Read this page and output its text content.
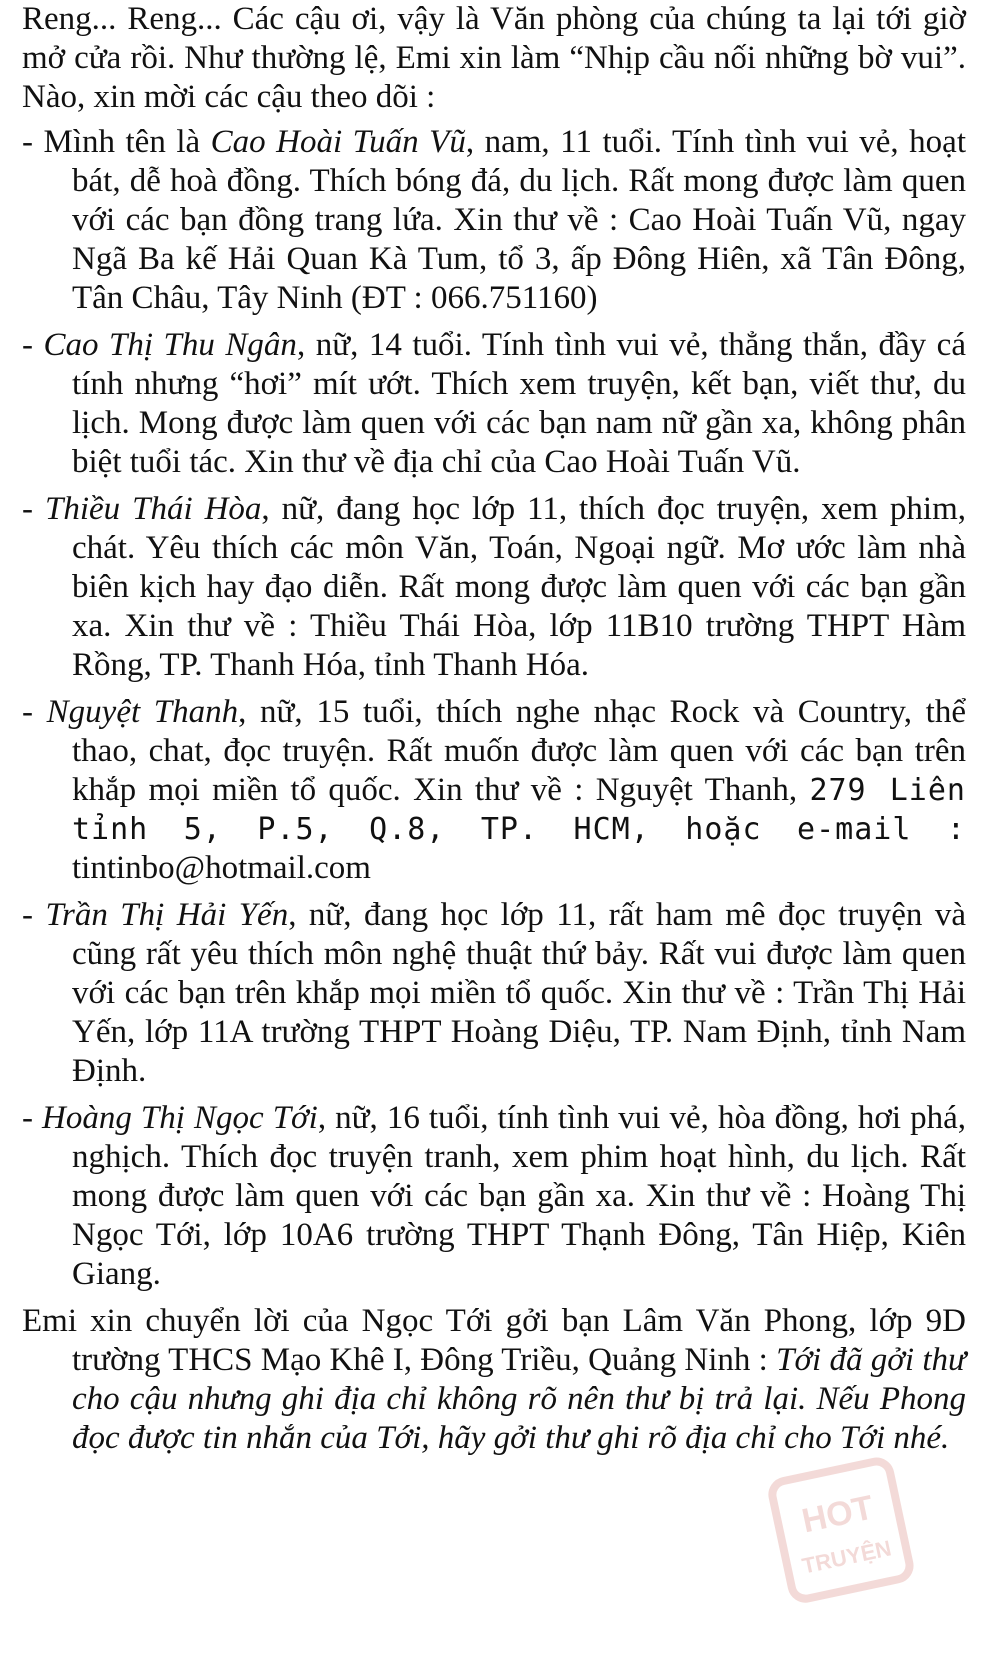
Reng... Reng... Các cậu ơi, vậy là Văn phòng của chúng ta lại tới giờ mở cửa rồi. Như thường lệ, Emi xin làm “Nhịp cầu nối những bờ vui”. Nào, xin mời các cậu theo dõi :

- Mình tên là Cao Hoài Tuấn Vũ, nam, 11 tuổi. Tính tình vui vẻ, hoạt bát, dễ hoà đồng. Thích bóng đá, du lịch. Rất mong được làm quen với các bạn đồng trang lứa. Xin thư về : Cao Hoài Tuấn Vũ, ngay Ngã Ba kế Hải Quan Kà Tum, tổ 3, ấp Đông Hiên, xã Tân Đông, Tân Châu, Tây Ninh (ĐT : 066.751160)

- Cao Thị Thu Ngân, nữ, 14 tuổi. Tính tình vui vẻ, thẳng thắn, đầy cá tính nhưng “hơi” mít ướt. Thích xem truyện, kết bạn, viết thư, du lịch. Mong được làm quen với các bạn nam nữ gần xa, không phân biệt tuổi tác. Xin thư về địa chỉ của Cao Hoài Tuấn Vũ.

- Thiều Thái Hòa, nữ, đang học lớp 11, thích đọc truyện, xem phim, chát. Yêu thích các môn Văn, Toán, Ngoại ngữ. Mơ ước làm nhà biên kịch hay đạo diễn. Rất mong được làm quen với các bạn gần xa. Xin thư về : Thiều Thái Hòa, lớp 11B10 trường THPT Hàm Rồng, TP. Thanh Hóa, tỉnh Thanh Hóa.

- Nguyệt Thanh, nữ, 15 tuổi, thích nghe nhạc Rock và Country, thể thao, chat, đọc truyện. Rất muốn được làm quen với các bạn trên khắp mọi miền tổ quốc. Xin thư về : Nguyệt Thanh, 279 Liên tỉnh 5, P.5, Q.8, TP. HCM, hoặc e-mail : tintinbo@hotmail.com

- Trần Thị Hải Yến, nữ, đang học lớp 11, rất ham mê đọc truyện và cũng rất yêu thích môn nghệ thuật thứ bảy. Rất vui được làm quen với các bạn trên khắp mọi miền tổ quốc. Xin thư về : Trần Thị Hải Yến, lớp 11A trường THPT Hoàng Diệu, TP. Nam Định, tỉnh Nam Định.

- Hoàng Thị Ngọc Tới, nữ, 16 tuổi, tính tình vui vẻ, hòa đồng, hơi phá, nghịch. Thích đọc truyện tranh, xem phim hoạt hình, du lịch. Rất mong được làm quen với các bạn gần xa. Xin thư về : Hoàng Thị Ngọc Tới, lớp 10A6 trường THPT Thạnh Đông, Tân Hiệp, Kiên Giang.

Emi xin chuyển lời của Ngọc Tới gởi bạn Lâm Văn Phong, lớp 9D trường THCS Mạo Khê I, Đông Triều, Quảng Ninh : Tới đã gởi thư cho cậu nhưng ghi địa chỉ không rõ nên thư bị trả lại. Nếu Phong đọc được tin nhắn của Tới, hãy gởi thư ghi rõ địa chỉ cho Tới nhé.

HOT
TRUYỆN
